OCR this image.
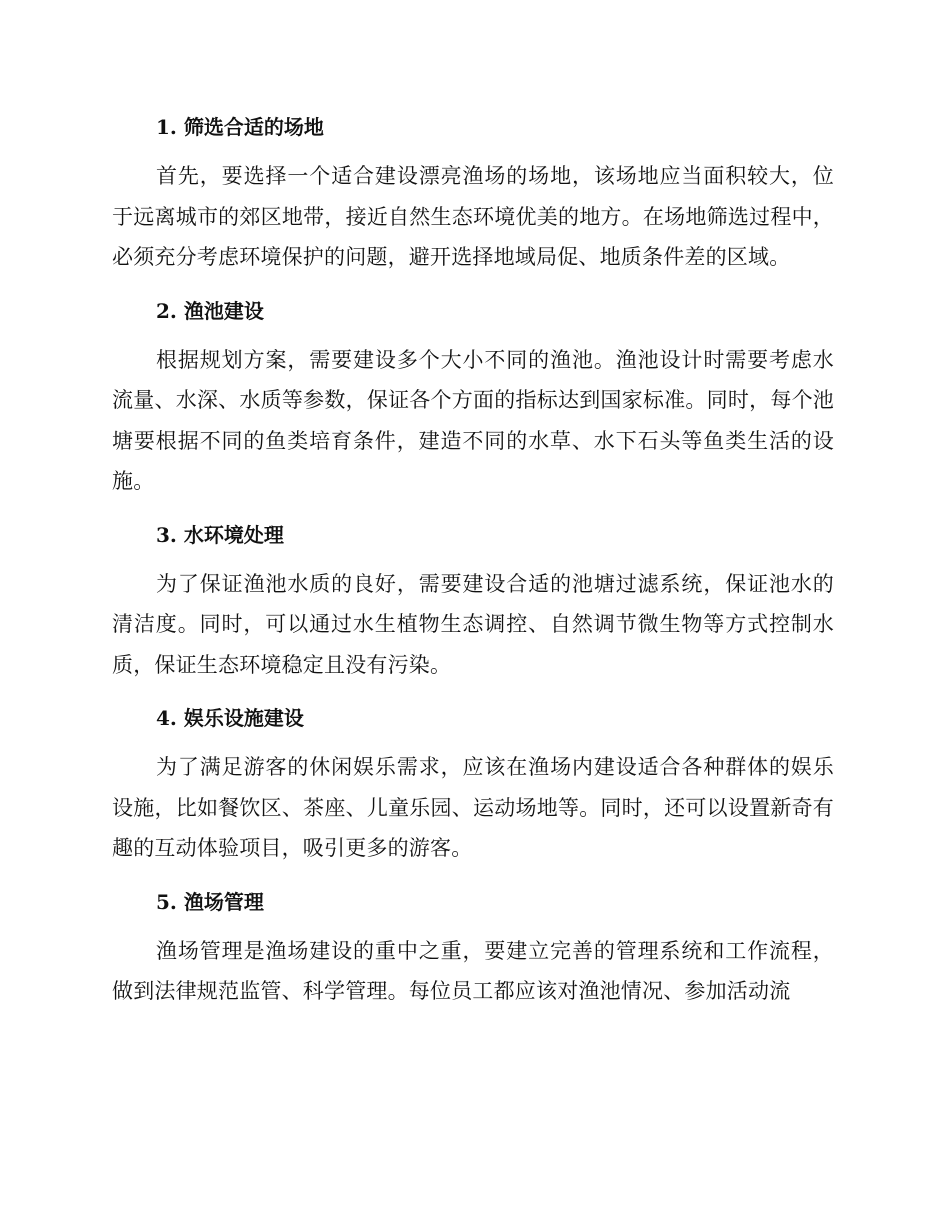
1. 筛选合适的场地

首先，要选择一个适合建设漂亮渔场的场地，该场地应当面积较大，位于远离城市的郊区地带，接近自然生态环境优美的地方。在场地筛选过程中，必须充分考虑环境保护的问题，避开选择地域局促、地质条件差的区域。

2. 渔池建设

根据规划方案，需要建设多个大小不同的渔池。渔池设计时需要考虑水流量、水深、水质等参数，保证各个方面的指标达到国家标准。同时，每个池塘要根据不同的鱼类培育条件，建造不同的水草、水下石头等鱼类生活的设施。

3. 水环境处理

为了保证渔池水质的良好，需要建设合适的池塘过滤系统，保证池水的清洁度。同时，可以通过水生植物生态调控、自然调节微生物等方式控制水质，保证生态环境稳定且没有污染。

4. 娱乐设施建设

为了满足游客的休闲娱乐需求，应该在渔场内建设适合各种群体的娱乐设施，比如餐饮区、茶座、儿童乐园、运动场地等。同时，还可以设置新奇有趣的互动体验项目，吸引更多的游客。

5. 渔场管理

渔场管理是渔场建设的重中之重，要建立完善的管理系统和工作流程，做到法律规范监管、科学管理。每位员工都应该对渔池情况、参加活动流
